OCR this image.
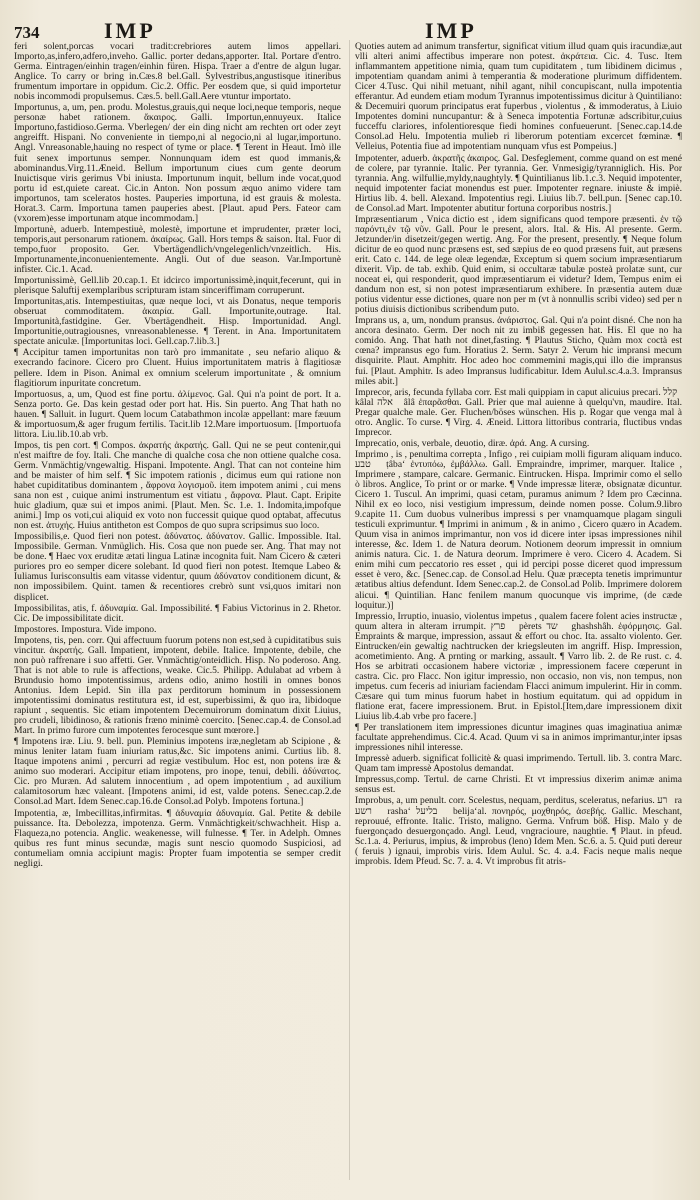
734	IMP	IMP

feri solent,porcas vocari tradit:crebriores autem limos appellari. Importo,as,infero,adfero,inveho. Gallic. porter dedans,apporter. Ital. Portare d'entro. Germa. Eintragen/einhin tragen/einhin füren. Hispa. Traer a d'entre de algun lugar. Anglice. To carry or bring in.Cæs.8 bel.Gall. Sylvestribus,angustisque itineribus frumentum importare in oppidum. Cic.2. Offic. Per eosdem que, si quid importetur nobis incommodi propulsemus. Cæs.5. bell.Gall.Aere vtuntur importato.

Importunus, a, um, pen. produ. Molestus,grauis,qui neque loci,neque temporis, neque personæ habet rationem. ἄκαιρος. Galli. Importun,ennuyeux. Italice Importuno,fastidioso.Germa. Vberlegen/ der ein ding nicht am rechten ort oder zeyt angreifft. Hispani. No conveniente in tiempo,ni al negocio,ni al lugar,importuno. Angl. Vnreasonable,hauing no respect of tyme or place. ¶ Terent in Heaut. Imò ille fuit senex importunus semper. Nonnunquam idem est quod immanis,& abominandus.Virg.11.Æneid. Bellum importunum ciues cum gente deorum Inuictisque viris gerimus Vbi iniusta. Importunum inquit, bellum inde vocat,quod portu id est,quiete careat. Cic.in Anton. Non possum æquo animo videre tam importunos, tam sceleratos hostes. Pauperies importuna, id est grauis & molesta. Horat.3. Carm. Importuna tamen pauperies abest. [Plaut. apud Pers. Fateor cam (vxorem)esse importunam atque incommodam.]

Importunè, aduerb. Intempestiuè, molestè, importune et imprudenter, præter loci, temporis,aut personarum rationem. ἀκαίρως. Gall. Hors temps & saison. Ital. Fuor di tempo,fuor proposito. Ger. Vbertägendlich/vngelegenlich/vnzeitlich. His. Importunamente,inconuenientemente. Angli. Out of due season. Var.Importunè infister. Cic.1. Acad.

Importunissimè, Gell.lib 20.cap.1. Et idcirco importunissimè,inquit,fecerunt, qui in plerisque Saluftij exemplaribus scripturam istam sinceriffimam corruperunt.

Importunitas,atis. Intempestiuitas, quæ neque loci, vt ais Donatus, neque temporis obseruat commoditatem. ἀκαιρία. Gall. Importunite,outrage. Ital. Importunità,fastidgine. Ger. Vbertägendheit. Hisp. Importunidad. Angl. Importunitie,outragiousnes, vnreasonablenesse. ¶ Terent. in Ana. Importunitatem spectate aniculæ. [Importunitas loci. Gell.cap.7.lib.3.]

¶ Accipitur tamen importunitas non tarò pro immanitate , seu nefario aliquo & execrando facinore. Cicero pro Cluent. Huius importunitatem matris à flagitiosæ pellere. Idem in Pison. Animal ex omnium scelerum importunitate , & omnium flagitiorum inpuritate concretum.

Importuosus, a, um, Quod est fine portu. ἀλίμενος. Gal. Qui n'a point de port. It a. Senza porto. Ge. Das kein gestad oder port hat. His. Sin puerto. Ang That hath no hauen. ¶ Salluit. in Iugurt. Quem locum Catabathmon incolæ appellant: mare fæuum & importuosum,& ager frugum fertilis. Tacit.lib 12.Mare importuosum. [Importuofa littora. Liu.lib.10.ab vrb.

Impos, tis pen cort. ¶ Compos. ἀκρατής ἀκρατής. Gall. Qui ne se peut contenir,qui n'est maiftre de foy. Itali. Che manche di qualche cosa che non ottiene qualche cosa. Germ. Vnmächtig/vngewaltig. Hispani. Impotente. Angl. That can not conteine him and be maister of him self. ¶ Sic impotem rationis , dicimus eum qui ratione non habet cupiditatibus dominantem , ἄφρονα λογισμοῦ. item impotem animi , cui mens sana non est , cuique animi instrumentum est vitiatu , ἄφρονα. Plaut. Capt. Eripite huic gladium, quæ sui et impos animi. [Plaut. Men. Sc. 1.e. 1. Indomita,impofque animi.] Imp os voti,cui aliquid ex voto non fuccessit quique quod optabat, affecutus non est. ἀτυχής. Huius antitheton est Compos de quo supra scripsimus suo loco.

Impossibilis,e. Quod fieri non potest. ἀδύνατος. ἀδύνατον. Gallic. Impossible. Ital. Impossibile. German. Vnmüglich. His. Cosa que non puede ser. Ang. That may not be done. ¶ Haec vox eruditæ ætati lingua Latinæ incognita fuit. Nam Cicero & cæteri puriores pro eo semper dicere solebant. Id quod fieri non potest. Itemque Labeo & Iuliamus Iurisconsultis eam vitasse videntur, quum ἀδύνατον conditionem dicunt, & non impossibilem. Quint. tamen & recentiores crebrò sunt vsi,quos imitari non displicet.

Impossibilitas, atis, f. ἀδυναμία. Gal. Impossibilité. ¶ Fabius Victorinus in 2. Rhetor. Cic. De impossibilitate dicit.

Impostores. Impostura. Vide impono.

Impotens, tis, pen. corr. Qui affectuum fuorum potens non est,sed à cupiditatibus suis vincitur. ἀκρατής. Gall. Impatient, impotent, debile. Italice. Impotente, debile, che non può raffrenare i suo affetti. Ger. Vnmächtig/onteidlich. Hisp. No poderoso. Ang. That is not able to rule is affections, weake. Cic.5. Philipp. Adulabat ad vrbem à Brundusio homo impotentissimus, ardens odio, animo hostili in omnes bonos Antonius. Idem Lepid. Sin illa pax perditorum hominum in possessionem impotentissimi dominatus restitutura est, id est, superbissimi, & quo ira, libidoque rapiunt , sequentis. Sic etiam impotentem Decemuirorum dominatum dixit Liuius, pro crudeli, libidinoso, & rationis fræno minimè coercito. [Senec.cap.4. de Consol.ad Mart. In primo furore cum impotentes ferocesque sunt mœrore.]

¶ Impotens iræ. Liu. 9. bell. pun. Pleminius impotens iræ,negletam ab Scipione , & minus leniter latam fuam iniuriam ratus,&c. Sic impotens animi. Curtius lib. 8. Itaque impotens animi , percurri ad regiæ vestibulum. Hoc est, non potens iræ & animo suo moderari. Accipitur etiam impotens, pro inope, tenui, debili. ἀδύνατος. Cic. pro Muræn. Ad salutem innocentium , ad opem impotentium , ad auxilium calamitosorum hæc valeant. [Impotens animi, id est, valde potens. Senec.cap.2.de Consol.ad Mart. Idem Senec.cap.16.de Consol.ad Polyb. Impotens fortuna.]

Impotentia, æ, Imbecillitas,infirmitas. ¶ ἀδυναμία ἀδυναμία. Gal. Petite & debile puissance. Ita. Debolezza, impotenza. Germ. Vnmächtigkeit/schwachheit. Hisp a. Flaqueza,no potencia. Anglic. weakenesse, will fulnesse. ¶ Ter. in Adelph. Omnes quibus res funt minus secundæ, magis sunt nescio quomodo Suspiciosi, ad contumeliam omnia accipiunt magis: Propter fuam impotentia se semper credit negligi.

Quoties autem ad animum transfertur, significat vitium illud quam quis iracundiæ,aut vlli alteri animi affectibus imperare non potest. ἀκράτεια. Cic. 4. Tusc. Item inflammantem appetitione nimia, quam tum cupiditatem , tum libidinem dicimus , impotentiam quandam animi à temperantia & moderatione plurimum diffidentem. Cicer 4.Tusc. Qui nihil metuant, nihil agant, nihil concupiscant, nulla impotentia efferantur. Ad eundem etiam modum Tyrannus impotentissimus dicitur à Quintiliano: & Decemuiri quorum principatus erat fuperbus , violentus , & immoderatus, à Liuio Impotentes domini nuncupantur: & à Seneca impotentia Fortunæ adscribitur,cuius fucceffu clariores, infolentioresque fiedi homines confueuerunt. [Senec.cap.14.de Consol.ad Helu. Impotentia mulieb ri liberorum potentiam excercet fœminæ. ¶ Velleius, Potentia fiue ad impotentiam nunquam vfus est Pompeius.]

Impotenter, aduerb. ἀκρατῆς ἀκαιρος. Gal. Desfeglement, comme quand on est mené de colere, par tyrannie. Italic. Per tyrannia. Ger. Vnmesigig/tyranniglich. His. Por tyrannia. Ang. wilfullie,myldy,naughtyly. ¶ Quintilianus lib.1.c.3. Nequid impotenter, nequid impotenter faciat monendus est puer. Impotenter regnare. iniuste & impiè. Hirtius lib. 4. bell. Alexand. Impotentius regi. Liuius lib.7. bell.pun. [Senec cap.10. de Consol.ad Mart. Impotenter abutitur fortuna corporibus nostris.]

Impræsentiarum , Vnica dictio est , idem significans quod tempore præsenti. ἐν τῷ παρόντι,ἐν τῷ νῦν. Gall. Pour le present, alors. Ital. & His. Al presente. Germ. Jetzunder/in disetzeit/gegen wertig. Ang. For the present, presently. ¶ Neque folum dicitur de eo quod nunc præsens est, sed sæpius de eo quod præsens fuit, aut præsens erit. Cato c. 144. de lege oleæ legendæ, Exceptum si quem socium impræsentiarum dixerit. Vip. de tab. exhib. Quid enim, si occultaræ tabulæ posteà prolatæ sunt, cur noceat ei, qui responderit, quod impræsentiarum ei videtur? Idem, Tempus enim ei dandum non est, si non potest impræsentiarum exhibere. In præsentia autem duæ potius videntur esse dictiones, quare non per m (vt à nonnullis scribi video) sed per n potius diuisis dictionibus scribendum puto.

Imprans us, a, um, nondum pransus. ἀνάριστος. Gal. Qui n'a point disné. Che non ha ancora desinato. Germ. Der noch nit zu imbiß gegessen hat. His. El que no ha comido. Ang. That hath not dinet,fasting. ¶ Plautus Sticho, Quàm mox coctà est cœna? impransus ego fum. Horatius 2. Serm. Satyr 2. Verum hic impransi mecum disquirite. Plaut. Amphitr. Hoc adeo hoc commemini magis,qui illo die impransus fui. [Plaut. Amphitr. Is adeo Impransus ludificabitur. Idem Aulul.sc.4.a.3. Impransus miles abit.]

Imprecor, aris, fecunda fyllaba corr. Est mali quippiam in caput alicuius precari. ‏ קלל ‎ kâlal ‏ אלה ‎ âlâ ἐπαρᾶσθαι. Gall. Prier que mal auienne à quelqu'vn, maudire. Ital. Pregar qualche male. Ger. Fluchen/böses wünschen. His p. Rogar que venga mal à otro. Anglic. To curse. ¶ Virg. 4. Æneid. Littora littoribus contraria, fluctibus vndas Imprecor.

Imprecatio, onis, verbale, deuotio, diræ. ἀρά. Ang. A cursing.

Imprimo , is , penultima correpta , Infigo , rei cuipiam molli figuram aliquam induco. ‏ טבע ‎ ṭâbaʻ ἐντυπόω, ἐμβάλλω. Gall. Empraindre, imprimer, marquer. Italice , Imprimere , stampare, calcare. Germanic. Eintrucken. Hispa. Imprimir como el sello ò libros. Anglice, To print or or marke. ¶ Vnde impressæ literæ, obsignatæ dicuntur. Cicero 1. Tuscul. An imprimi, quasi cetam, puramus animum ? Idem pro Cæcinna. Nihil ex eo loco, nisi vestigium impressum, deinde nomen posse. Colum.9.libro 9.capite 11. Cum duobus vulneribus impressi s per vnamquamque plagam singuli testiculi exprimuntur. ¶ Imprimi in animum , & in animo , Cicero quæro in Academ. Quum visa in animos imprimantur, non vos id dicere inter ipsas impressiones nihil interesse, &c. Idem 1. de Natura deorum. Notionem deorum impressit in omnium animis natura. Cic. 1. de Natura deorum. Imprimere è vero. Cicero 4. Academ. Si enim mihi cum peccatorio res esset , qui id percipi posse diceret quod impressum esset è vero, &c. [Senec.cap. de Consol.ad Helu. Quæ præcepta tenetis imprimuntur ætatibus altius defendunt. Idem Senec.cap.2. de Consol.ad Polib. Imprimere dolorem alicui. ¶ Quintilian. Hanc fenilem manum quocunque vis imprime, (de cæde loquitur.)]

Impressio, Irruptio, inuasio, violentus impetus , qualem facere folent acies instructæ , quum altera in alteram irrumpit. ‏ פרץ ‎ pèrets ‏ שד ‎ ghashshâh. ἐφόρμησις. Gal. Empraints & marque, impression, assaut & effort ou choc. Ita. assalto violento. Ger. Eintrucken/ein gewaltig nachtrucken der kriegsleuten im angriff. Hisp. Impression, acometimiento. Ang. A prnting or marking, assault. ¶ Varro lib. 2. de Re rust. c. 4. Hos se arbitrati occasionem habere victoriæ , impressionem facere cœperunt in castra. Cic. pro Flacc. Non igitur impressio, non occasio, non vis, non tempus, non impetus. cum feceris ad iniuriam faciendam Flacci animum impulerint. Hir in comm. Cæsare qui tum minus fuorum habet in hostium equitatum. qui ad oppidum in flatione erat, facere impressionem. Brut. in Epistol.[Item,dare impressionem dixit Liuius lib.4.ab vrbe pro facere.]

¶ Per translationem item impressiones dicuntur imagines quas imaginatiua animæ facultate apprehendimus. Cic.4. Acad. Quum vi sa in animos imprimantur,inter ipsas impressiones nihil interesse.

Impressè aduerb. significat follicitè & quasi imprimendo. Tertull. lib. 3. contra Marc. Quam tam impressè Apostolus demandat.

Impressus,comp. Tertul. de carne Christi. Et vt impressius dixerim animæ anima sensus est.

Improbus, a, um penult. corr. Scelestus, nequam, perditus, sceleratus, nefarius. ‏ רע ‎ ra ‏ רשע ‎ rashaʻ ‏ בליעל ‎ belijaʻal. πονηρός, μοχθηρός, ἀσεβής. Gallic. Meschant, reprouué, effronte. Italic. Tristo, maligno. Germa. Vnfrum böß. Hisp. Malo y de fuergonçado desuergonçado. Angl. Leud, vngracioure, naughtie. ¶ Plaut. in pfeud. Sc.1.a. 4. Periurus, impius, & improbus (leno) Idem Men. Sc.6. a. 5. Quid puti dereur ( feruis ) ignaui, improbis viris. Idem Aulul. Sc. 4. a.4. Facis neque malis neque improbis. Idem Pfeud. Sc. 7. a. 4. Vt improbus fit atris-
